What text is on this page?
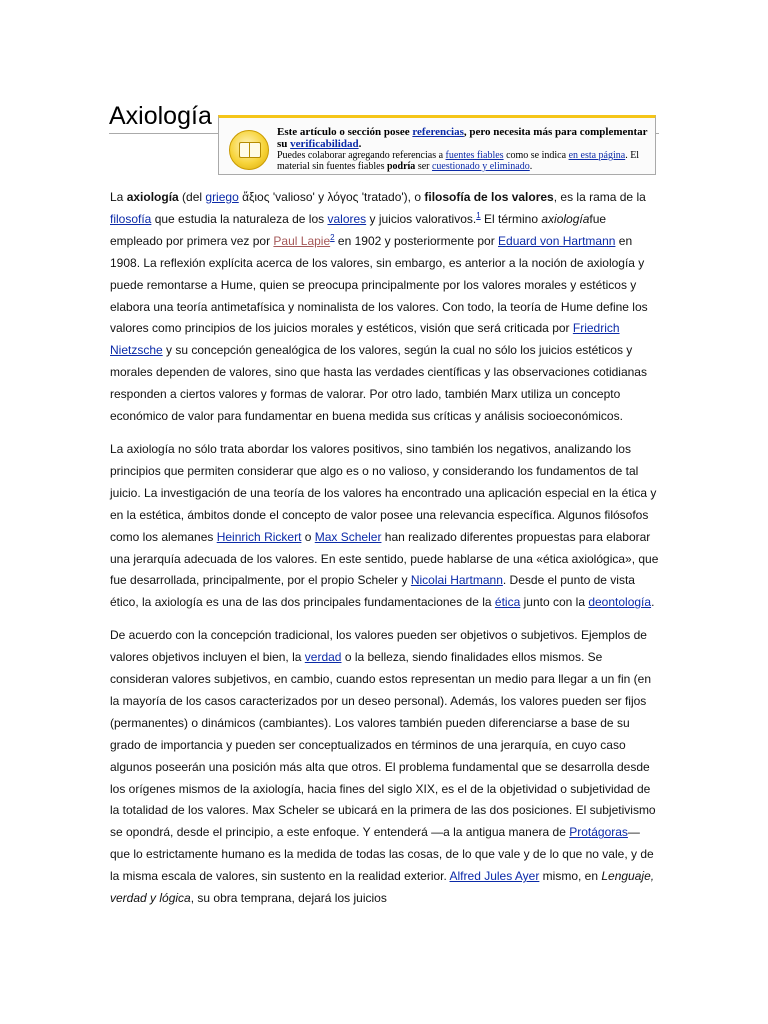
Axiología
Este artículo o sección posee referencias, pero necesita más para complementar su verificabilidad.
Puedes colaborar agregando referencias a fuentes fiables como se indica en esta página. El material sin fuentes fiables podría ser cuestionado y eliminado.

La axiología (del griego ἄξιος 'valioso' y λόγος 'tratado'), o filosofía de los valores, es la rama de la filosofía que estudia la naturaleza de los valores y juicios valorativos.$^1$ El término axiologíafue empleado por primera vez por Paul Lapie$^2$ en 1902 y posteriormente por Eduard von Hartmann en 1908. La reflexión explícita acerca de los valores, sin embargo, es anterior a la noción de axiología y puede remontarse a Hume, quien se preocupa principalmente por los valores morales y estéticos y elabora una teoría antimetafísica y nominalista de los valores. Con todo, la teoría de Hume define los valores como principios de los juicios morales y estéticos, visión que será criticada por Friedrich Nietzsche y su concepción genealógica de los valores, según la cual no sólo los juicios estéticos y morales dependen de valores, sino que hasta las verdades científicas y las observaciones cotidianas responden a ciertos valores y formas de valorar. Por otro lado, también Marx utiliza un concepto económico de valor para fundamentar en buena medida sus críticas y análisis socioeconómicos.

La axiología no sólo trata abordar los valores positivos, sino también los negativos, analizando los principios que permiten considerar que algo es o no valioso, y considerando los fundamentos de tal juicio. La investigación de una teoría de los valores ha encontrado una aplicación especial en la ética y en la estética, ámbitos donde el concepto de valor posee una relevancia específica. Algunos filósofos como los alemanes Heinrich Rickert o Max Scheler han realizado diferentes propuestas para elaborar una jerarquía adecuada de los valores. En este sentido, puede hablarse de una «ética axiológica», que fue desarrollada, principalmente, por el propio Scheler y Nicolai Hartmann. Desde el punto de vista ético, la axiología es una de las dos principales fundamentaciones de la ética junto con la deontología.

De acuerdo con la concepción tradicional, los valores pueden ser objetivos o subjetivos. Ejemplos de valores objetivos incluyen el bien, la verdad o la belleza, siendo finalidades ellos mismos. Se consideran valores subjetivos, en cambio, cuando estos representan un medio para llegar a un fin (en la mayoría de los casos caracterizados por un deseo personal). Además, los valores pueden ser fijos (permanentes) o dinámicos (cambiantes). Los valores también pueden diferenciarse a base de su grado de importancia y pueden ser conceptualizados en términos de una jerarquía, en cuyo caso algunos poseerán una posición más alta que otros. El problema fundamental que se desarrolla desde los orígenes mismos de la axiología, hacia fines del siglo XIX, es el de la objetividad o subjetividad de la totalidad de los valores. Max Scheler se ubicará en la primera de las dos posiciones. El subjetivismo se opondrá, desde el principio, a este enfoque. Y entenderá —a la antigua manera de Protágoras— que lo estrictamente humano es la medida de todas las cosas, de lo que vale y de lo que no vale, y de la misma escala de valores, sin sustento en la realidad exterior. Alfred Jules Ayer mismo, en Lenguaje, verdad y lógica, su obra temprana, dejará los juicios
